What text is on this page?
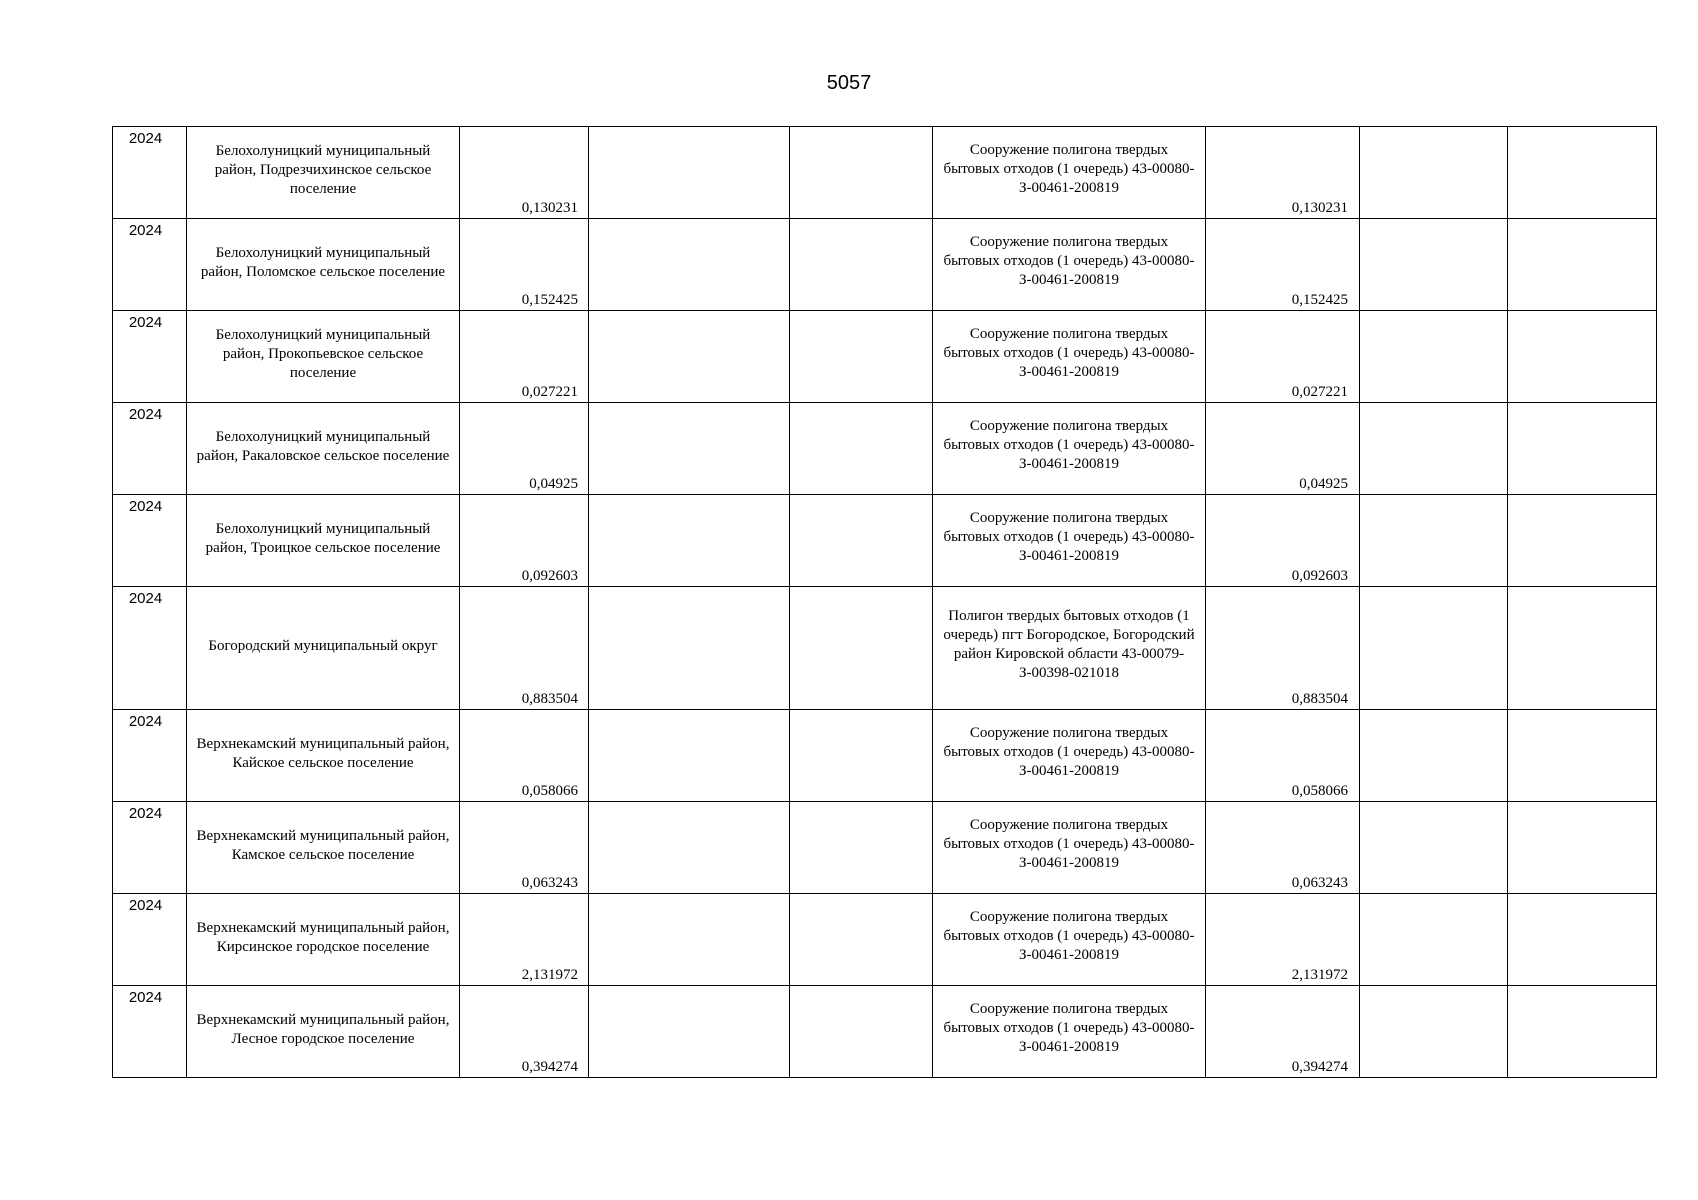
5057
2024	Белохолуницкий муниципальный район, Подрезчихинское сельское поселение	0,130231			Сооружение полигона твердых бытовых отходов (1 очередь) 43-00080-З-00461-200819	0,130231		

2024	Белохолуницкий муниципальный район, Поломское сельское поселение	0,152425			Сооружение полигона твердых бытовых отходов (1 очередь) 43-00080-З-00461-200819	0,152425		

2024	Белохолуницкий муниципальный район, Прокопьевское сельское поселение	0,027221			Сооружение полигона твердых бытовых отходов (1 очередь) 43-00080-З-00461-200819	0,027221		

2024	Белохолуницкий муниципальный район, Ракаловское сельское поселение	0,04925			Сооружение полигона твердых бытовых отходов (1 очередь) 43-00080-З-00461-200819	0,04925		

2024	Белохолуницкий муниципальный район, Троицкое сельское поселение	0,092603			Сооружение полигона твердых бытовых отходов (1 очередь) 43-00080-З-00461-200819	0,092603		

2024	Богородский муниципальный округ	0,883504			Полигон твердых бытовых отходов (1 очередь) пгт Богородское, Богородский район Кировской области 43-00079-З-00398-021018	0,883504		

2024	Верхнекамский муниципальный район, Кайское сельское поселение	0,058066			Сооружение полигона твердых бытовых отходов (1 очередь) 43-00080-З-00461-200819	0,058066		

2024	Верхнекамский муниципальный район, Камское сельское поселение	0,063243			Сооружение полигона твердых бытовых отходов (1 очередь) 43-00080-З-00461-200819	0,063243		

2024	Верхнекамский муниципальный район, Кирсинское городское поселение	2,131972			Сооружение полигона твердых бытовых отходов (1 очередь) 43-00080-З-00461-200819	2,131972		

2024	Верхнекамский муниципальный район, Лесное городское поселение	0,394274			Сооружение полигона твердых бытовых отходов (1 очередь) 43-00080-З-00461-200819	0,394274		
